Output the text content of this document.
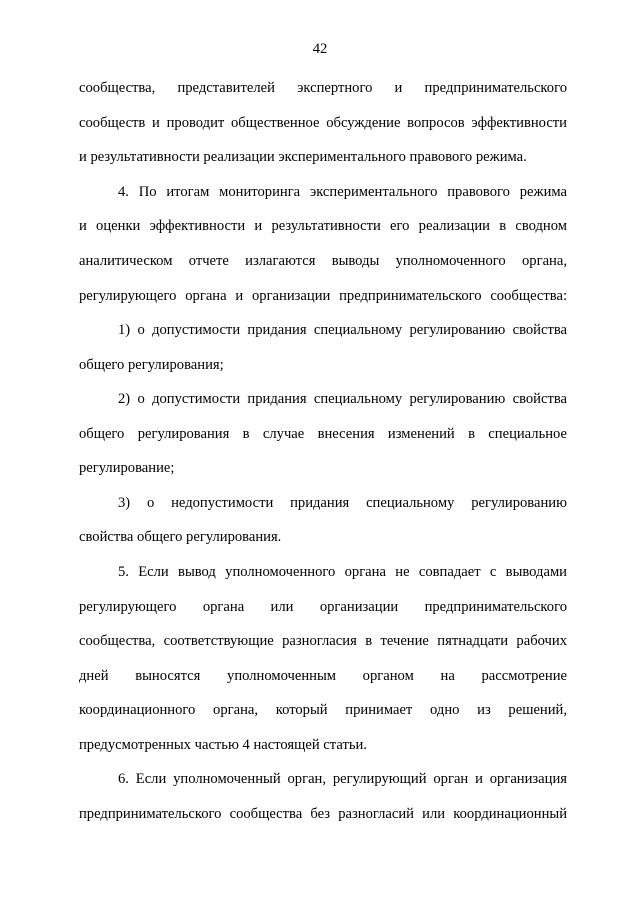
42
сообщества, представителей экспертного и предпринимательского
сообществ и проводит общественное обсуждение вопросов эффективности
и результативности реализации экспериментального правового режима.
4. По итогам мониторинга экспериментального правового режима
и оценки эффективности и результативности его реализации в сводном
аналитическом отчете излагаются выводы уполномоченного органа,
регулирующего органа и организации предпринимательского сообщества:
1) о допустимости придания специальному регулированию свойства
общего регулирования;
2) о допустимости придания специальному регулированию свойства
общего регулирования в случае внесения изменений в специальное
регулирование;
3) о недопустимости придания специальному регулированию
свойства общего регулирования.
5. Если вывод уполномоченного органа не совпадает с выводами
регулирующего органа или организации предпринимательского
сообщества, соответствующие разногласия в течение пятнадцати рабочих
дней выносятся уполномоченным органом на рассмотрение
координационного органа, который принимает одно из решений,
предусмотренных частью 4 настоящей статьи.
6. Если уполномоченный орган, регулирующий орган и организация
предпринимательского сообщества без разногласий или координационный
